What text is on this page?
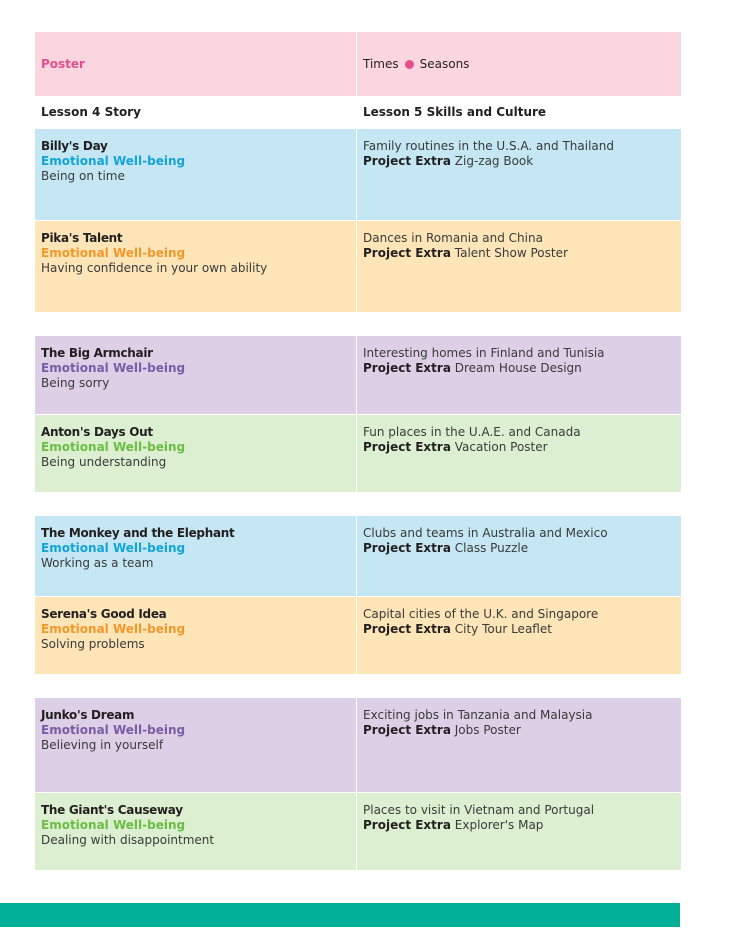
Poster	Times Seasons
Lesson 4 Story	Lesson 5 Skills and Culture
Billy's Day
Emotional Well-being
Being on time
Family routines in the U.S.A. and Thailand
Project Extra Zig-zag Book
Pika's Talent
Emotional Well-being
Having confidence in your own ability
Dances in Romania and China
Project Extra Talent Show Poster
The Big Armchair
Emotional Well-being
Being sorry
Interesting homes in Finland and Tunisia
Project Extra Dream House Design
Anton's Days Out
Emotional Well-being
Being understanding
Fun places in the U.A.E. and Canada
Project Extra Vacation Poster
The Monkey and the Elephant
Emotional Well-being
Working as a team
Clubs and teams in Australia and Mexico
Project Extra Class Puzzle
Serena's Good Idea
Emotional Well-being
Solving problems
Capital cities of the U.K. and Singapore
Project Extra City Tour Leaflet
Junko's Dream
Emotional Well-being
Believing in yourself
Exciting jobs in Tanzania and Malaysia
Project Extra Jobs Poster
The Giant's Causeway
Emotional Well-being
Dealing with disappointment
Places to visit in Vietnam and Portugal
Project Extra Explorer's Map
